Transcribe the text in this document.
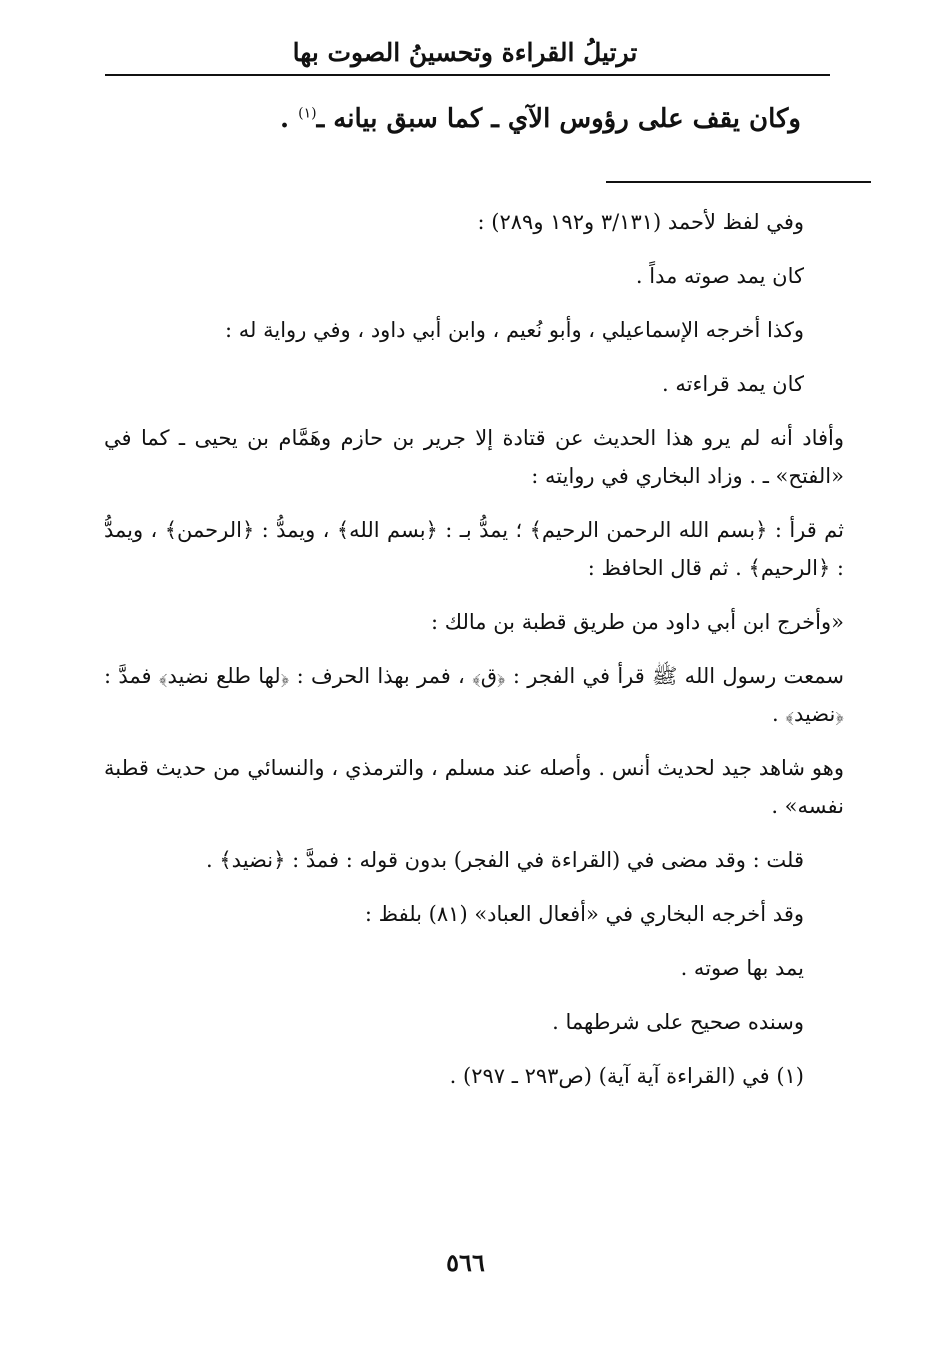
ترتيلُ القراءة وتحسينُ الصوت بها
وكان يقف على رؤوس الآي ـ كما سبق بيانه ـ$^{(١)}$ .

وفي لفظ لأحمد (٣/١٣١ و١٩٢ و٢٨٩) :

كان يمد صوته مداً .

وكذا أخرجه الإسماعيلي ، وأبو نُعيم ، وابن أبي داود ، وفي رواية له :

كان يمد قراءته .

وأفاد أنه لم يرو هذا الحديث عن قتادة إلا جرير بن حازم وهَمَّام بن يحيى ـ كما في «الفتح» ـ . وزاد البخاري في روايته :

ثم قرأ : ﴿بسم الله الرحمن الرحيم﴾ ؛ يمدُّ بـ : ﴿بسم الله﴾ ، ويمدُّ : ﴿الرحمن﴾ ، ويمدُّ : ﴿الرحيم﴾ . ثم قال الحافظ :

«وأخرج ابن أبي داود من طريق قطبة بن مالك :

سمعت رسول الله ﷺ قرأ في الفجر : ﴿ق﴾ ، فمر بهذا الحرف : ﴿لها طلع نضيد﴾ فمدَّ : ﴿نضيد﴾ .

وهو شاهد جيد لحديث أنس . وأصله عند مسلم ، والترمذي ، والنسائي من حديث قطبة نفسه» .

قلت : وقد مضى في (القراءة في الفجر) بدون قوله : فمدَّ : ﴿نضيد﴾ .

وقد أخرجه البخاري في «أفعال العباد» (٨١) بلفظ :

يمد بها صوته .

وسنده صحيح على شرطهما .

(١) في (القراءة آية آية) (ص٢٩٣ ـ ٢٩٧) .

٥٦٦
